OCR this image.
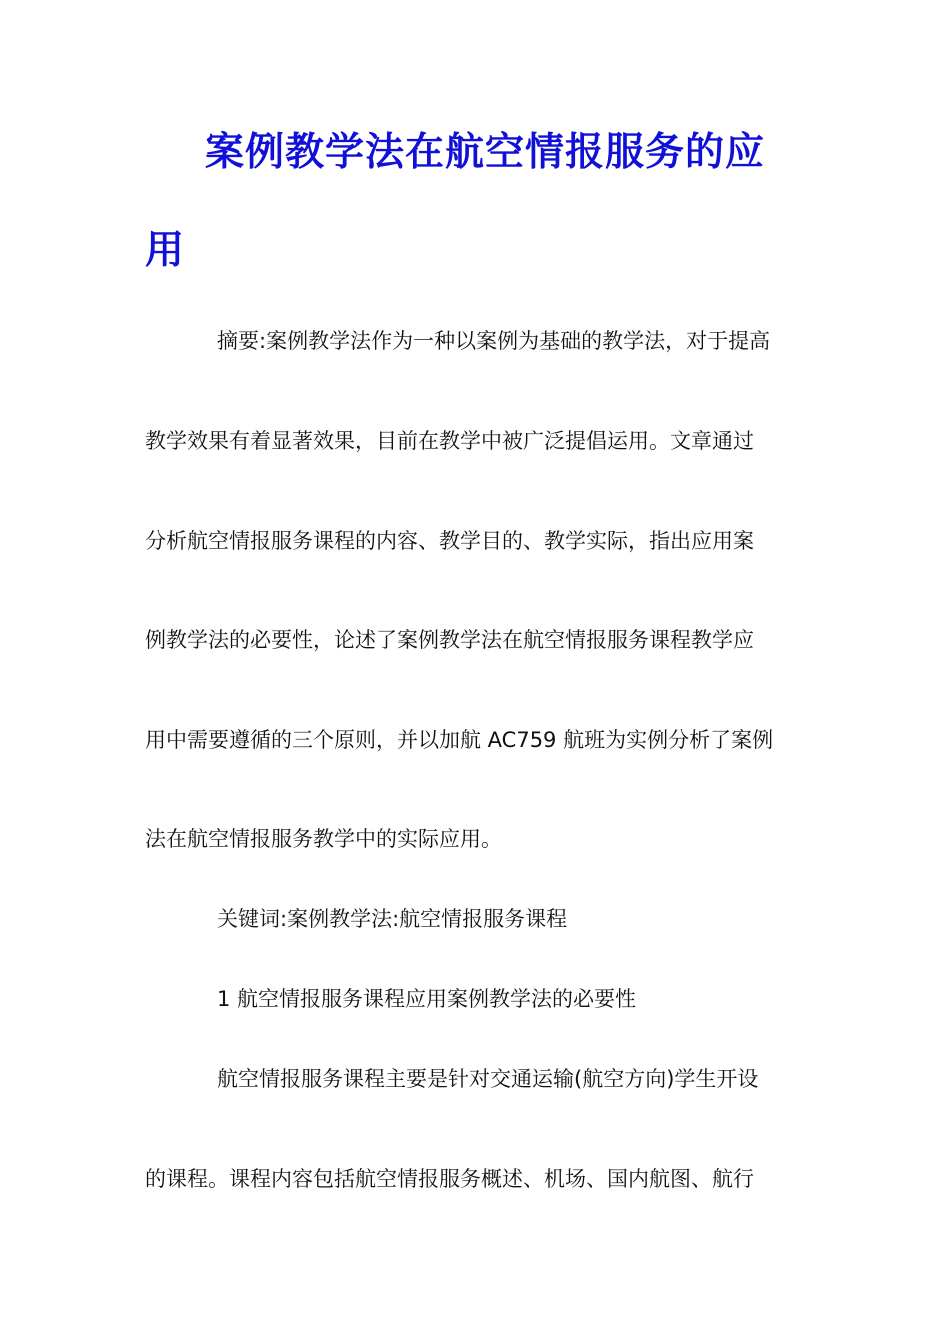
案例教学法在航空情报服务的应
用

摘要:案例教学法作为一种以案例为基础的教学法，对于提高

教学效果有着显著效果，目前在教学中被广泛提倡运用。文章通过

分析航空情报服务课程的内容、教学目的、教学实际，指出应用案

例教学法的必要性，论述了案例教学法在航空情报服务课程教学应

用中需要遵循的三个原则，并以加航 AC759 航班为实例分析了案例

法在航空情报服务教学中的实际应用。

关键词:案例教学法:航空情报服务课程

1 航空情报服务课程应用案例教学法的必要性

航空情报服务课程主要是针对交通运输(航空方向)学生开设

的课程。课程内容包括航空情报服务概述、机场、国内航图、航行
